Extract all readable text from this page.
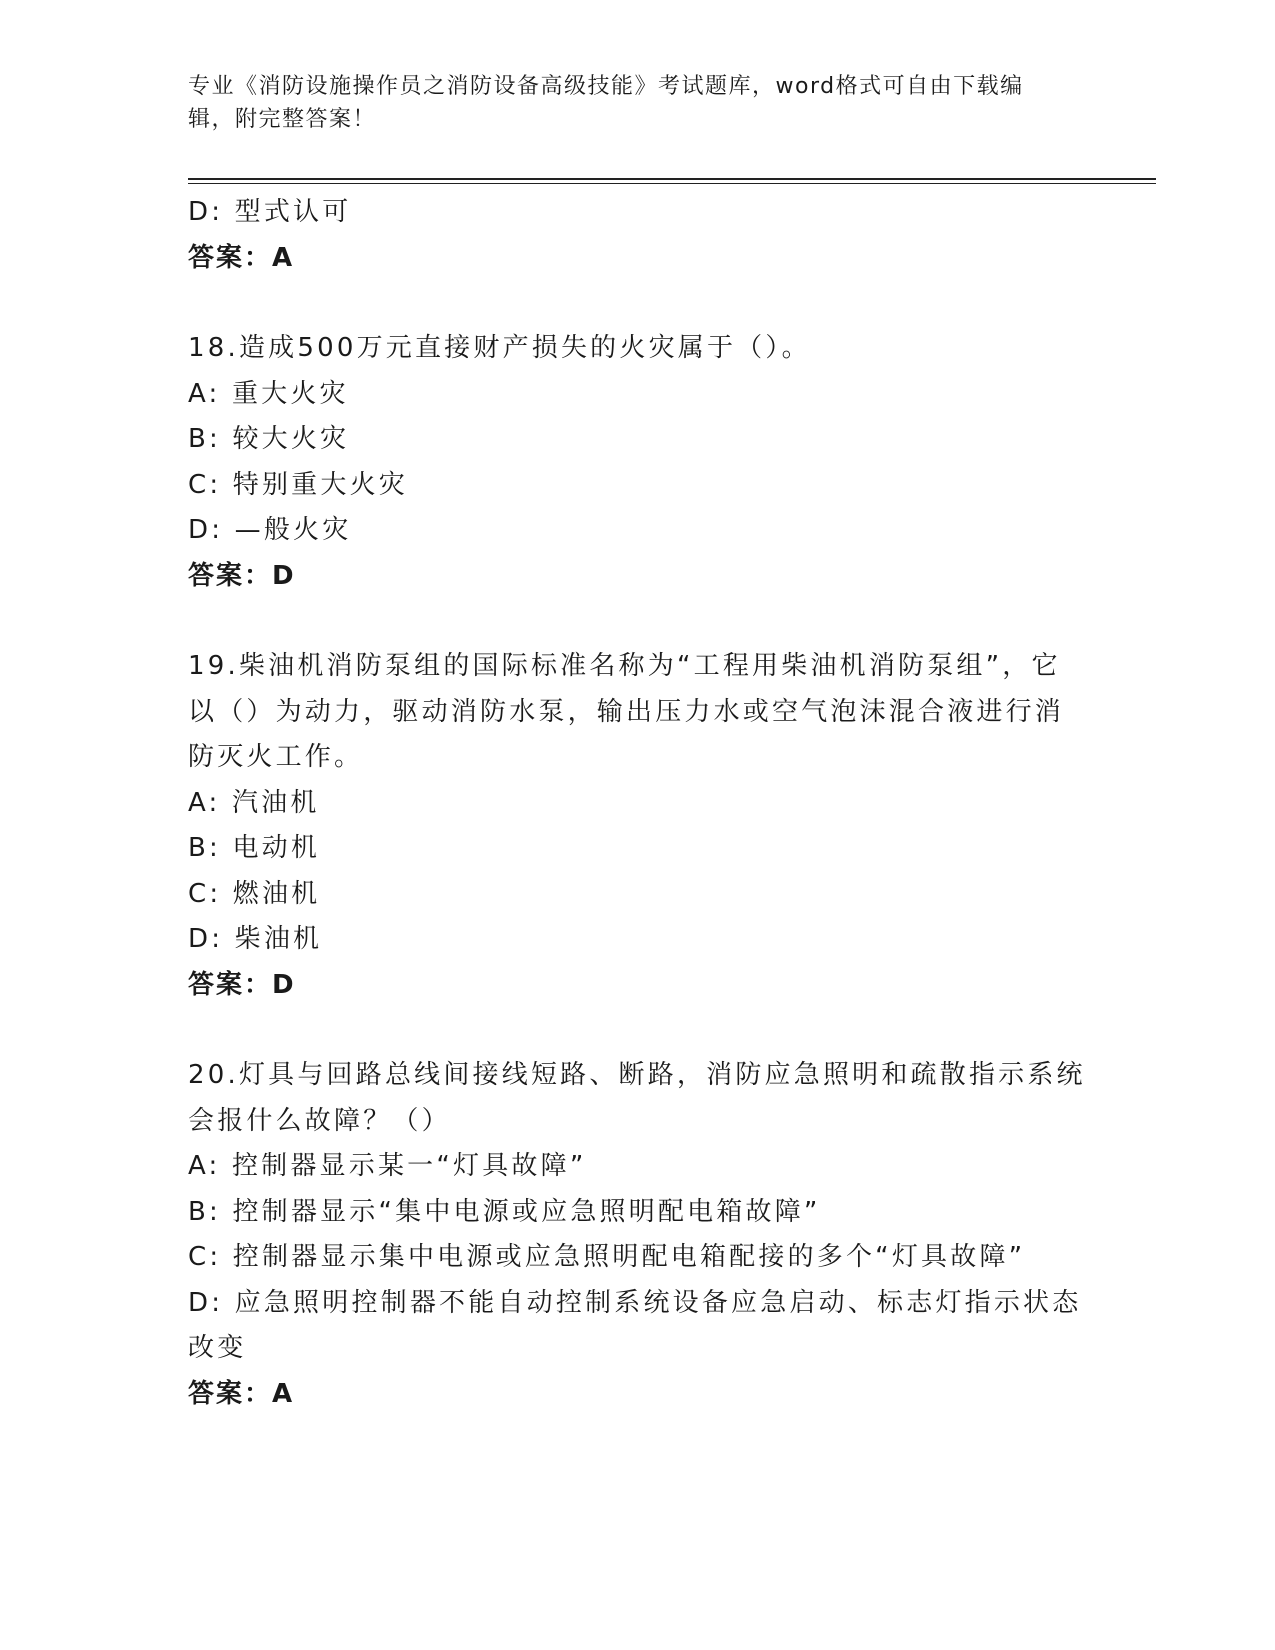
专业《消防设施操作员之消防设备高级技能》考试题库，word格式可自由下载编
辑，附完整答案！
D: 型式认可
答案：A
18.造成500万元直接财产损失的火灾属于（）。
A: 重大火灾
B: 较大火灾
C: 特别重大火灾
D: —般火灾
答案：D
19.柴油机消防泵组的国际标准名称为“工程用柴油机消防泵组”，它
以（）为动力，驱动消防水泵，输出压力水或空气泡沫混合液进行消
防灭火工作。
A: 汽油机
B: 电动机
C: 燃油机
D: 柴油机
答案：D
20.灯具与回路总线间接线短路、断路，消防应急照明和疏散指示系统
会报什么故障？（）
A: 控制器显示某一“灯具故障”
B: 控制器显示“集中电源或应急照明配电箱故障”
C: 控制器显示集中电源或应急照明配电箱配接的多个“灯具故障”
D: 应急照明控制器不能自动控制系统设备应急启动、标志灯指示状态
改变
答案：A
